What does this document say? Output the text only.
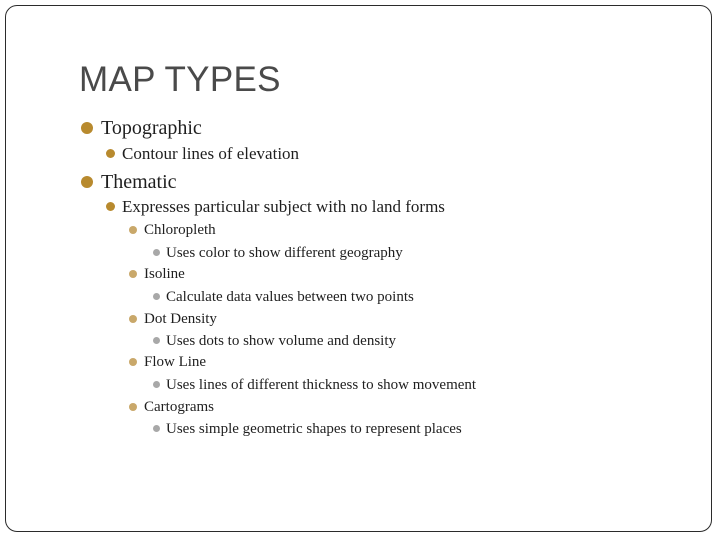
MAP TYPES
Topographic
Contour lines of elevation
Thematic
Expresses particular subject with no land forms
Chloropleth
Uses color to show different geography
Isoline
Calculate data values between two points
Dot Density
Uses dots to show volume and density
Flow Line
Uses lines of different thickness to show movement
Cartograms
Uses simple geometric shapes to represent places
